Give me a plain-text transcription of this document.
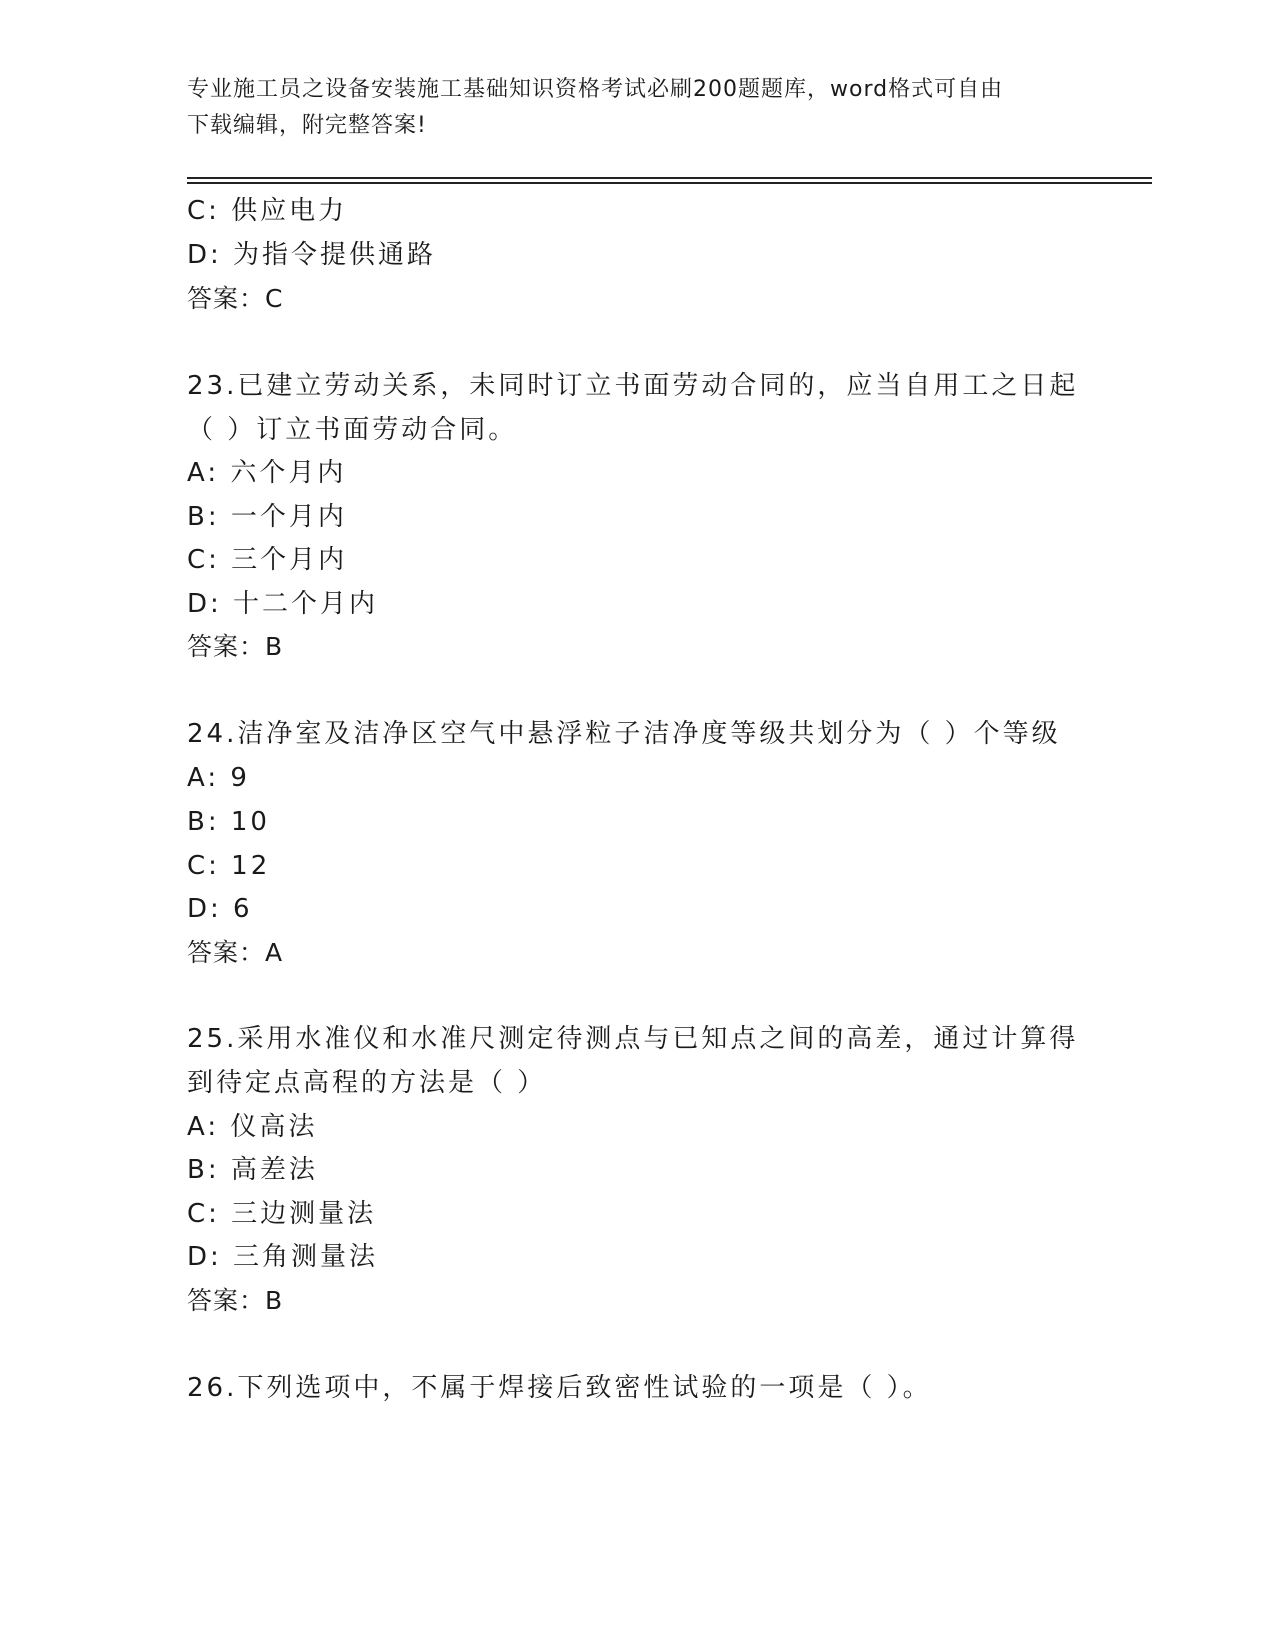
专业施工员之设备安装施工基础知识资格考试必刷200题题库，word格式可自由
下载编辑，附完整答案!
C: 供应电力
D: 为指令提供通路
答案：C
23.已建立劳动关系，未同时订立书面劳动合同的，应当自用工之日起
（ ）订立书面劳动合同。
A: 六个月内
B: 一个月内
C: 三个月内
D: 十二个月内
答案：B
24.洁净室及洁净区空气中悬浮粒子洁净度等级共划分为（ ）个等级
A: 9
B: 10
C: 12
D: 6
答案：A
25.采用水准仪和水准尺测定待测点与已知点之间的高差，通过计算得
到待定点高程的方法是（ ）
A: 仪高法
B: 高差法
C: 三边测量法
D: 三角测量法
答案：B
26.下列选项中，不属于焊接后致密性试验的一项是（ ）。
